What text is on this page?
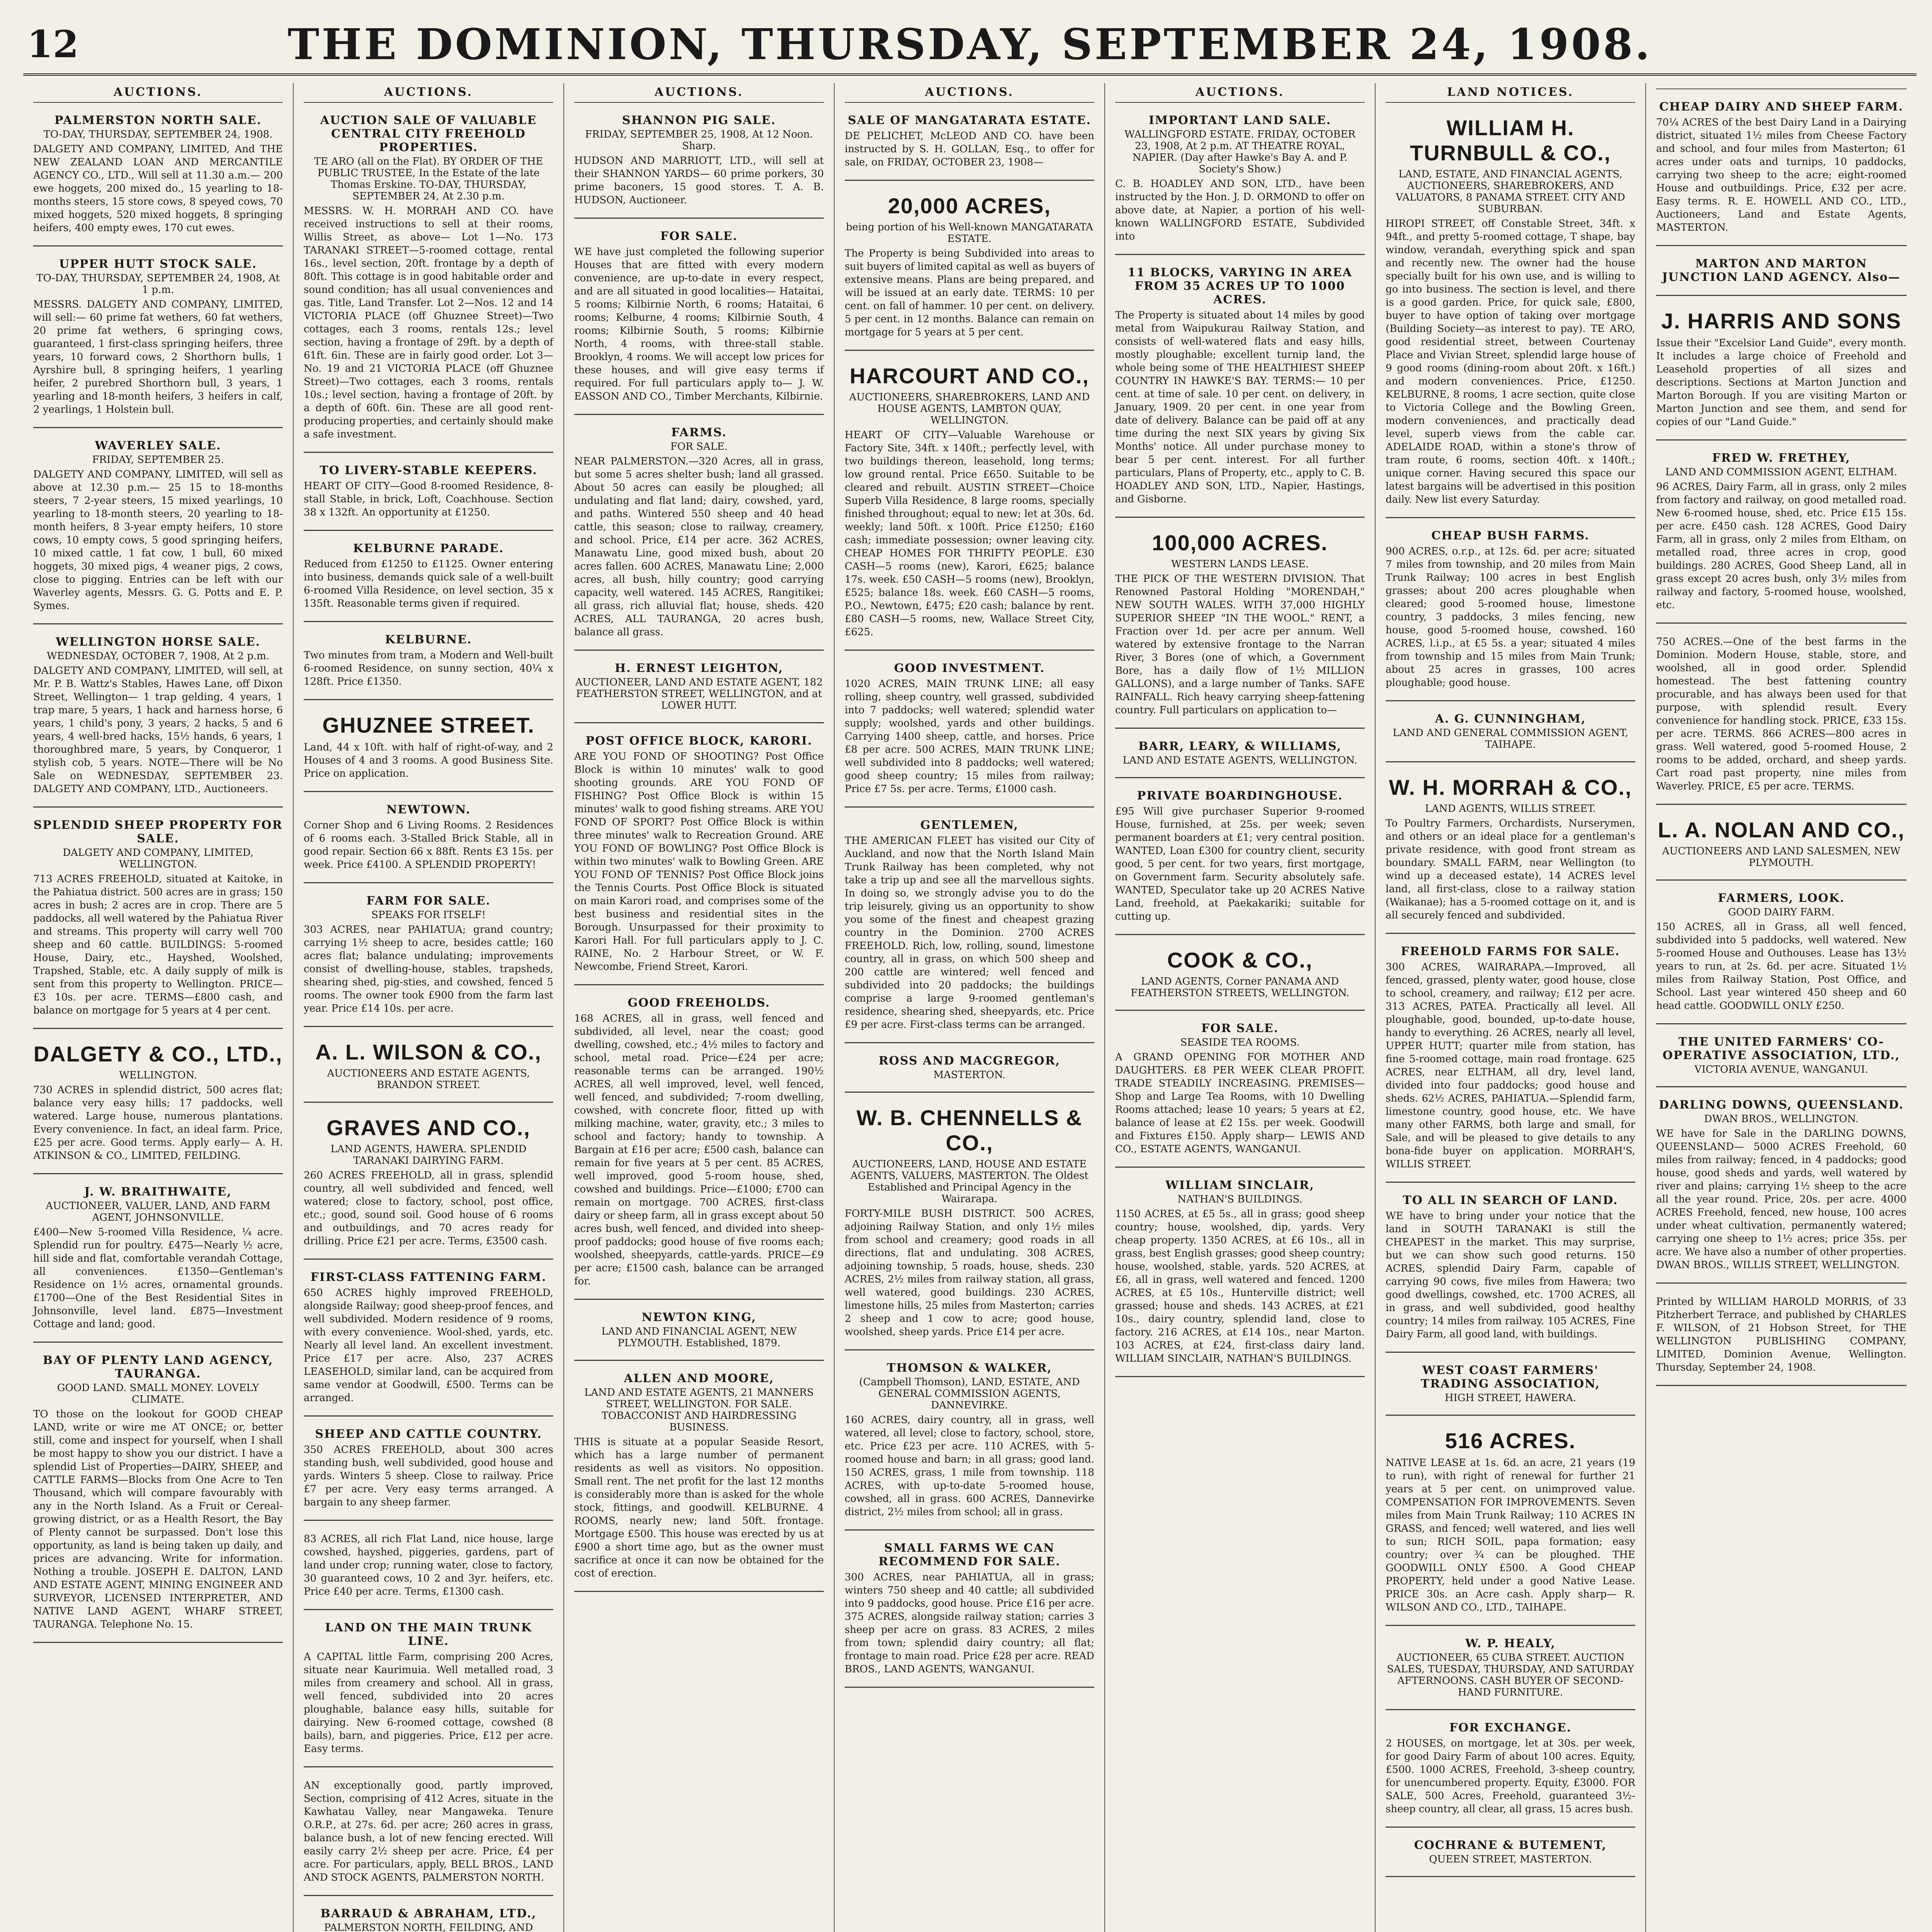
12	THE DOMINION, THURSDAY, SEPTEMBER 24, 1908.
AUCTIONS.
PALMERSTON NORTH SALE.
TO-DAY, THURSDAY, SEPTEMBER 24, 1908.

DALGETY AND COMPANY, LIMITED, And THE NEW ZEALAND LOAN AND MERCANTILE AGENCY CO., LTD., Will sell at 11.30 a.m.— 200 ewe hoggets, 200 mixed do., 15 yearling to 18-months steers, 15 store cows, 8 speyed cows, 70 mixed hoggets, 520 mixed hoggets, 8 springing heifers, 400 empty ewes, 170 cut ewes.

UPPER HUTT STOCK SALE.
TO-DAY, THURSDAY, SEPTEMBER 24, 1908, At 1 p.m.

MESSRS. DALGETY AND COMPANY, LIMITED, will sell:— 60 prime fat wethers, 60 fat wethers, 20 prime fat wethers, 6 springing cows, guaranteed, 1 first-class springing heifers, three years, 10 forward cows, 2 Shorthorn bulls, 1 Ayrshire bull, 8 springing heifers, 1 yearling heifer, 2 purebred Shorthorn bull, 3 years, 1 yearling and 18-month heifers, 3 heifers in calf, 2 yearlings, 1 Holstein bull.

WAVERLEY SALE.
FRIDAY, SEPTEMBER 25.

DALGETY AND COMPANY, LIMITED, will sell as above at 12.30 p.m.— 25 15 to 18-months steers, 7 2-year steers, 15 mixed yearlings, 10 yearling to 18-month steers, 20 yearling to 18-month heifers, 8 3-year empty heifers, 10 store cows, 10 empty cows, 5 good springing heifers, 10 mixed cattle, 1 fat cow, 1 bull, 60 mixed hoggets, 30 mixed pigs, 4 weaner pigs, 2 cows, close to pigging. Entries can be left with our Waverley agents, Messrs. G. G. Potts and E. P. Symes.

WELLINGTON HORSE SALE.
WEDNESDAY, OCTOBER 7, 1908, At 2 p.m.

DALGETY AND COMPANY, LIMITED, will sell, at Mr. P. B. Wattz's Stables, Hawes Lane, off Dixon Street, Wellington— 1 trap gelding, 4 years, 1 trap mare, 5 years, 1 hack and harness horse, 6 years, 1 child's pony, 3 years, 2 hacks, 5 and 6 years, 4 well-bred hacks, 15½ hands, 6 years, 1 thoroughbred mare, 5 years, by Conqueror, 1 stylish cob, 5 years. NOTE—There will be No Sale on WEDNESDAY, SEPTEMBER 23. DALGETY AND COMPANY, LTD., Auctioneers.

SPLENDID SHEEP PROPERTY FOR SALE.
DALGETY AND COMPANY, LIMITED, WELLINGTON.

713 ACRES FREEHOLD, situated at Kaitoke, in the Pahiatua district. 500 acres are in grass; 150 acres in bush; 2 acres are in crop. There are 5 paddocks, all well watered by the Pahiatua River and streams. This property will carry well 700 sheep and 60 cattle. BUILDINGS: 5-roomed House, Dairy, etc., Hayshed, Woolshed, Trapshed, Stable, etc. A daily supply of milk is sent from this property to Wellington. PRICE—£3 10s. per acre. TERMS—£800 cash, and balance on mortgage for 5 years at 4 per cent.

DALGETY & CO., LTD.,
WELLINGTON.

730 ACRES in splendid district, 500 acres flat; balance very easy hills; 17 paddocks, well watered. Large house, numerous plantations. Every convenience. In fact, an ideal farm. Price, £25 per acre. Good terms. Apply early— A. H. ATKINSON & CO., LIMITED, FEILDING.

J. W. BRAITHWAITE,
AUCTIONEER, VALUER, LAND, AND FARM AGENT, JOHNSONVILLE.

£400—New 5-roomed Villa Residence, ¼ acre. Splendid run for poultry. £475—Nearly ½ acre, hill side and flat, comfortable verandah Cottage, all conveniences. £1350—Gentleman's Residence on 1½ acres, ornamental grounds. £1700—One of the Best Residential Sites in Johnsonville, level land. £875—Investment Cottage and land; good.

BAY OF PLENTY LAND AGENCY, TAURANGA.
GOOD LAND. SMALL MONEY. LOVELY CLIMATE.

TO those on the lookout for GOOD CHEAP LAND, write or wire me AT ONCE; or, better still, come and inspect for yourself, when I shall be most happy to show you our district. I have a splendid List of Properties—DAIRY, SHEEP, and CATTLE FARMS—Blocks from One Acre to Ten Thousand, which will compare favourably with any in the North Island. As a Fruit or Cereal-growing district, or as a Health Resort, the Bay of Plenty cannot be surpassed. Don't lose this opportunity, as land is being taken up daily, and prices are advancing. Write for information. Nothing a trouble. JOSEPH E. DALTON, LAND AND ESTATE AGENT, MINING ENGINEER AND SURVEYOR, LICENSED INTERPRETER, AND NATIVE LAND AGENT, WHARF STREET, TAURANGA. Telephone No. 15.

AUCTIONS.
AUCTION SALE OF VALUABLE CENTRAL CITY FREEHOLD PROPERTIES.
TE ARO (all on the Flat). BY ORDER OF THE PUBLIC TRUSTEE, In the Estate of the late Thomas Erskine. TO-DAY, THURSDAY, SEPTEMBER 24, At 2.30 p.m.

MESSRS. W. H. MORRAH AND CO. have received instructions to sell at their rooms, Willis Street, as above— Lot 1—No. 173 TARANAKI STREET—5-roomed cottage, rental 16s., level section, 20ft. frontage by a depth of 80ft. This cottage is in good habitable order and sound condition; has all usual conveniences and gas. Title, Land Transfer. Lot 2—Nos. 12 and 14 VICTORIA PLACE (off Ghuznee Street)—Two cottages, each 3 rooms, rentals 12s.; level section, having a frontage of 29ft. by a depth of 61ft. 6in. These are in fairly good order. Lot 3—No. 19 and 21 VICTORIA PLACE (off Ghuznee Street)—Two cottages, each 3 rooms, rentals 10s.; level section, having a frontage of 20ft. by a depth of 60ft. 6in. These are all good rent-producing properties, and certainly should make a safe investment.

TO LIVERY-STABLE KEEPERS.

HEART OF CITY—Good 8-roomed Residence, 8-stall Stable, in brick, Loft, Coachhouse. Section 38 x 132ft. An opportunity at £1250.

KELBURNE PARADE.

Reduced from £1250 to £1125. Owner entering into business, demands quick sale of a well-built 6-roomed Villa Residence, on level section, 35 x 135ft. Reasonable terms given if required.

KELBURNE.

Two minutes from tram, a Modern and Well-built 6-roomed Residence, on sunny section, 40¼ x 128ft. Price £1350.

GHUZNEE STREET.

Land, 44 x 10ft. with half of right-of-way, and 2 Houses of 4 and 3 rooms. A good Business Site. Price on application.

NEWTOWN.

Corner Shop and 6 Living Rooms. 2 Residences of 6 rooms each. 3-Stalled Brick Stable, all in good repair. Section 66 x 88ft. Rents £3 15s. per week. Price £4100. A SPLENDID PROPERTY!

FARM FOR SALE.
SPEAKS FOR ITSELF!

303 ACRES, near PAHIATUA; grand country; carrying 1½ sheep to acre, besides cattle; 160 acres flat; balance undulating; improvements consist of dwelling-house, stables, trapsheds, shearing shed, pig-sties, and cowshed, fenced 5 rooms. The owner took £900 from the farm last year. Price £14 10s. per acre.

A. L. WILSON & CO.,
AUCTIONEERS AND ESTATE AGENTS, BRANDON STREET.

GRAVES AND CO.,
LAND AGENTS, HAWERA. SPLENDID TARANAKI DAIRYING FARM.

260 ACRES FREEHOLD, all in grass, splendid country, all well subdivided and fenced, well watered; close to factory, school, post office, etc.; good, sound soil. Good house of 6 rooms and outbuildings, and 70 acres ready for drilling. Price £21 per acre. Terms, £3500 cash.

FIRST-CLASS FATTENING FARM.

650 ACRES highly improved FREEHOLD, alongside Railway; good sheep-proof fences, and well subdivided. Modern residence of 9 rooms, with every convenience. Wool-shed, yards, etc. Nearly all level land. An excellent investment. Price £17 per acre. Also, 237 ACRES LEASEHOLD, similar land, can be acquired from same vendor at Goodwill, £500. Terms can be arranged.

SHEEP AND CATTLE COUNTRY.

350 ACRES FREEHOLD, about 300 acres standing bush, well subdivided, good house and yards. Winters 5 sheep. Close to railway. Price £7 per acre. Very easy terms arranged. A bargain to any sheep farmer.

83 ACRES, all rich Flat Land, nice house, large cowshed, hayshed, piggeries, gardens, part of land under crop; running water, close to factory, 30 guaranteed cows, 10 2 and 3yr. heifers, etc. Price £40 per acre. Terms, £1300 cash.

LAND ON THE MAIN TRUNK LINE.

A CAPITAL little Farm, comprising 200 Acres, situate near Kaurimuia. Well metalled road, 3 miles from creamery and school. All in grass, well fenced, subdivided into 20 acres ploughable, balance easy hills, suitable for dairying. New 6-roomed cottage, cowshed (8 bails), barn, and piggeries. Price, £12 per acre. Easy terms.

AN exceptionally good, partly improved, Section, comprising of 412 Acres, situate in the Kawhatau Valley, near Mangaweka. Tenure O.R.P., at 27s. 6d. per acre; 260 acres in grass, balance bush, a lot of new fencing erected. Will easily carry 2½ sheep per acre. Price, £4 per acre. For particulars, apply, BELL BROS., LAND AND STOCK AGENTS, PALMERSTON NORTH.

BARRAUD & ABRAHAM, LTD.,
PALMERSTON NORTH, FEILDING, AND

AUCTIONS.
SHANNON PIG SALE.
FRIDAY, SEPTEMBER 25, 1908, At 12 Noon. Sharp.

HUDSON AND MARRIOTT, LTD., will sell at their SHANNON YARDS— 60 prime porkers, 30 prime baconers, 15 good stores. T. A. B. HUDSON, Auctioneer.

FOR SALE.

WE have just completed the following superior Houses that are fitted with every modern convenience, are up-to-date in every respect, and are all situated in good localities— Hataitai, 5 rooms; Kilbirnie North, 6 rooms; Hataitai, 6 rooms; Kelburne, 4 rooms; Kilbirnie South, 4 rooms; Kilbirnie South, 5 rooms; Kilbirnie North, 4 rooms, with three-stall stable. Brooklyn, 4 rooms. We will accept low prices for these houses, and will give easy terms if required. For full particulars apply to— J. W. EASSON AND CO., Timber Merchants, Kilbirnie.

FARMS.
FOR SALE.

NEAR PALMERSTON.—320 Acres, all in grass, but some 5 acres shelter bush; land all grassed. About 50 acres can easily be ploughed; all undulating and flat land; dairy, cowshed, yard, and paths. Wintered 550 sheep and 40 head cattle, this season; close to railway, creamery, and school. Price, £14 per acre. 362 ACRES, Manawatu Line, good mixed bush, about 20 acres fallen. 600 ACRES, Manawatu Line; 2,000 acres, all bush, hilly country; good carrying capacity, well watered. 145 ACRES, Rangitikei; all grass, rich alluvial flat; house, sheds. 420 ACRES, ALL TAURANGA, 20 acres bush, balance all grass.

H. ERNEST LEIGHTON,
AUCTIONEER, LAND AND ESTATE AGENT, 182 FEATHERSTON STREET, WELLINGTON, and at LOWER HUTT.

POST OFFICE BLOCK, KARORI.

ARE YOU FOND OF SHOOTING? Post Office Block is within 10 minutes' walk to good shooting grounds. ARE YOU FOND OF FISHING? Post Office Block is within 15 minutes' walk to good fishing streams. ARE YOU FOND OF SPORT? Post Office Block is within three minutes' walk to Recreation Ground. ARE YOU FOND OF BOWLING? Post Office Block is within two minutes' walk to Bowling Green. ARE YOU FOND OF TENNIS? Post Office Block joins the Tennis Courts. Post Office Block is situated on main Karori road, and comprises some of the best business and residential sites in the Borough. Unsurpassed for their proximity to Karori Hall. For full particulars apply to J. C. RAINE, No. 2 Harbour Street, or W. F. Newcombe, Friend Street, Karori.

GOOD FREEHOLDS.

168 ACRES, all in grass, well fenced and subdivided, all level, near the coast; good dwelling, cowshed, etc.; 4½ miles to factory and school, metal road. Price—£24 per acre; reasonable terms can be arranged. 190½ ACRES, all well improved, level, well fenced, well fenced, and subdivided; 7-room dwelling, cowshed, with concrete floor, fitted up with milking machine, water, gravity, etc.; 3 miles to school and factory; handy to township. A Bargain at £16 per acre; £500 cash, balance can remain for five years at 5 per cent. 85 ACRES, well improved, good 5-room house, shed, cowshed and buildings. Price—£1000; £700 can remain on mortgage. 700 ACRES, first-class dairy or sheep farm, all in grass except about 50 acres bush, well fenced, and divided into sheep-proof paddocks; good house of five rooms each; woolshed, sheepyards, cattle-yards. PRICE—£9 per acre; £1500 cash, balance can be arranged for.

NEWTON KING,
LAND AND FINANCIAL AGENT, NEW PLYMOUTH. Established, 1879.

ALLEN AND MOORE,
LAND AND ESTATE AGENTS, 21 MANNERS STREET, WELLINGTON. FOR SALE. TOBACCONIST AND HAIRDRESSING BUSINESS.

THIS is situate at a popular Seaside Resort, which has a large number of permanent residents as well as visitors. No opposition. Small rent. The net profit for the last 12 months is considerably more than is asked for the whole stock, fittings, and goodwill. KELBURNE. 4 ROOMS, nearly new; land 50ft. frontage. Mortgage £500. This house was erected by us at £900 a short time ago, but as the owner must sacrifice at once it can now be obtained for the cost of erection.

AUCTIONS.
SALE OF MANGATARATA ESTATE.

DE PELICHET, McLEOD AND CO. have been instructed by S. H. GOLLAN, Esq., to offer for sale, on FRIDAY, OCTOBER 23, 1908—

20,000 ACRES,
being portion of his Well-known MANGATARATA ESTATE.

The Property is being Subdivided into areas to suit buyers of limited capital as well as buyers of extensive means. Plans are being prepared, and will be issued at an early date. TERMS: 10 per cent. on fall of hammer. 10 per cent. on delivery. 5 per cent. in 12 months. Balance can remain on mortgage for 5 years at 5 per cent.

HARCOURT AND CO.,
AUCTIONEERS, SHAREBROKERS, LAND AND HOUSE AGENTS, LAMBTON QUAY, WELLINGTON.

HEART OF CITY—Valuable Warehouse or Factory Site, 34ft. x 140ft.; perfectly level, with two buildings thereon, leasehold, long terms; low ground rental. Price £650. Suitable to be cleared and rebuilt. AUSTIN STREET—Choice Superb Villa Residence, 8 large rooms, specially finished throughout; equal to new; let at 30s. 6d. weekly; land 50ft. x 100ft. Price £1250; £160 cash; immediate possession; owner leaving city. CHEAP HOMES FOR THRIFTY PEOPLE. £30 CASH—5 rooms (new), Karori, £625; balance 17s. week. £50 CASH—5 rooms (new), Brooklyn, £525; balance 18s. week. £60 CASH—5 rooms, P.O., Newtown, £475; £20 cash; balance by rent. £80 CASH—5 rooms, new, Wallace Street City, £625.

GOOD INVESTMENT.

1020 ACRES, MAIN TRUNK LINE; all easy rolling, sheep country, well grassed, subdivided into 7 paddocks; well watered; splendid water supply; woolshed, yards and other buildings. Carrying 1400 sheep, cattle, and horses. Price £8 per acre. 500 ACRES, MAIN TRUNK LINE; well subdivided into 8 paddocks; well watered; good sheep country; 15 miles from railway; Price £7 5s. per acre. Terms, £1000 cash.

GENTLEMEN,

THE AMERICAN FLEET has visited our City of Auckland, and now that the North Island Main Trunk Railway has been completed, why not take a trip up and see all the marvellous sights. In doing so, we strongly advise you to do the trip leisurely, giving us an opportunity to show you some of the finest and cheapest grazing country in the Dominion. 2700 ACRES FREEHOLD. Rich, low, rolling, sound, limestone country, all in grass, on which 500 sheep and 200 cattle are wintered; well fenced and subdivided into 20 paddocks; the buildings comprise a large 9-roomed gentleman's residence, shearing shed, sheepyards, etc. Price £9 per acre. First-class terms can be arranged.

ROSS AND MACGREGOR,
MASTERTON.

W. B. CHENNELLS & CO.,
AUCTIONEERS, LAND, HOUSE AND ESTATE AGENTS, VALUERS, MASTERTON. The Oldest Established and Principal Agency in the Wairarapa.

FORTY-MILE BUSH DISTRICT. 500 ACRES, adjoining Railway Station, and only 1½ miles from school and creamery; good roads in all directions, flat and undulating. 308 ACRES, adjoining township, 5 roads, house, sheds. 230 ACRES, 2½ miles from railway station, all grass, well watered, good buildings. 230 ACRES, limestone hills, 25 miles from Masterton; carries 2 sheep and 1 cow to acre; good house, woolshed, sheep yards. Price £14 per acre.

THOMSON & WALKER,
(Campbell Thomson), LAND, ESTATE, AND GENERAL COMMISSION AGENTS, DANNEVIRKE.

160 ACRES, dairy country, all in grass, well watered, all level; close to factory, school, store, etc. Price £23 per acre. 110 ACRES, with 5-roomed house and barn; in all grass; good land. 150 ACRES, grass, 1 mile from township. 118 ACRES, with up-to-date 5-roomed house, cowshed, all in grass. 600 ACRES, Dannevirke district, 2½ miles from school; all in grass.

SMALL FARMS WE CAN RECOMMEND FOR SALE.

300 ACRES, near PAHIATUA, all in grass; winters 750 sheep and 40 cattle; all subdivided into 9 paddocks, good house. Price £16 per acre. 375 ACRES, alongside railway station; carries 3 sheep per acre on grass. 83 ACRES, 2 miles from town; splendid dairy country; all flat; frontage to main road. Price £28 per acre. READ BROS., LAND AGENTS, WANGANUI.

AUCTIONS.
IMPORTANT LAND SALE.
WALLINGFORD ESTATE. FRIDAY, OCTOBER 23, 1908, At 2 p.m. AT THEATRE ROYAL, NAPIER. (Day after Hawke's Bay A. and P. Society's Show.)

C. B. HOADLEY AND SON, LTD., have been instructed by the Hon. J. D. ORMOND to offer on above date, at Napier, a portion of his well-known WALLINGFORD ESTATE, Subdivided into

11 BLOCKS, VARYING IN AREA FROM 35 ACRES UP TO 1000 ACRES.

The Property is situated about 14 miles by good metal from Waipukurau Railway Station, and consists of well-watered flats and easy hills, mostly ploughable; excellent turnip land, the whole being some of THE HEALTHIEST SHEEP COUNTRY IN HAWKE'S BAY. TERMS:— 10 per cent. at time of sale. 10 per cent. on delivery, in January, 1909. 20 per cent. in one year from date of delivery. Balance can be paid off at any time during the next SIX years by giving Six Months' notice. All under purchase money to bear 5 per cent. interest. For all further particulars, Plans of Property, etc., apply to C. B. HOADLEY AND SON, LTD., Napier, Hastings, and Gisborne.

100,000 ACRES.
WESTERN LANDS LEASE.

THE PICK OF THE WESTERN DIVISION. That Renowned Pastoral Holding "MORENDAH," NEW SOUTH WALES. WITH 37,000 HIGHLY SUPERIOR SHEEP "IN THE WOOL." RENT, a Fraction over 1d. per acre per annum. Well watered by extensive frontage to the Narran River, 3 Bores (one of which, a Government Bore, has a daily flow of 1½ MILLION GALLONS), and a large number of Tanks. SAFE RAINFALL. Rich heavy carrying sheep-fattening country. Full particulars on application to—

BARR, LEARY, & WILLIAMS,
LAND AND ESTATE AGENTS, WELLINGTON.

PRIVATE BOARDINGHOUSE.

£95 Will give purchaser Superior 9-roomed House, furnished, at 25s. per week; seven permanent boarders at £1; very central position. WANTED, Loan £300 for country client, security good, 5 per cent. for two years, first mortgage, on Government farm. Security absolutely safe. WANTED, Speculator take up 20 ACRES Native Land, freehold, at Paekakariki; suitable for cutting up.

COOK & CO.,
LAND AGENTS, Corner PANAMA AND FEATHERSTON STREETS, WELLINGTON.

FOR SALE.
SEASIDE TEA ROOMS.

A GRAND OPENING FOR MOTHER AND DAUGHTERS. £8 PER WEEK CLEAR PROFIT. TRADE STEADILY INCREASING. PREMISES—Shop and Large Tea Rooms, with 10 Dwelling Rooms attached; lease 10 years; 5 years at £2, balance of lease at £2 15s. per week. Goodwill and Fixtures £150. Apply sharp— LEWIS AND CO., ESTATE AGENTS, WANGANUI.

WILLIAM SINCLAIR,
NATHAN'S BUILDINGS.

1150 ACRES, at £5 5s., all in grass; good sheep country; house, woolshed, dip, yards. Very cheap property. 1350 ACRES, at £6 10s., all in grass, best English grasses; good sheep country; house, woolshed, stable, yards. 520 ACRES, at £6, all in grass, well watered and fenced. 1200 ACRES, at £5 10s., Hunterville district; well grassed; house and sheds. 143 ACRES, at £21 10s., dairy country, splendid land, close to factory. 216 ACRES, at £14 10s., near Marton. 103 ACRES, at £24, first-class dairy land. WILLIAM SINCLAIR, NATHAN'S BUILDINGS.

LAND NOTICES.
WILLIAM H. TURNBULL & CO.,
LAND, ESTATE, AND FINANCIAL AGENTS, AUCTIONEERS, SHAREBROKERS, AND VALUATORS, 8 PANAMA STREET. CITY AND SUBURBAN.

HIROPI STREET, off Constable Street, 34ft. x 94ft., and pretty 5-roomed cottage, T shape, bay window, verandah, everything spick and span and recently new. The owner had the house specially built for his own use, and is willing to go into business. The section is level, and there is a good garden. Price, for quick sale, £800, buyer to have option of taking over mortgage (Building Society—as interest to pay). TE ARO, good residential street, between Courtenay Place and Vivian Street, splendid large house of 9 good rooms (dining-room about 20ft. x 16ft.) and modern conveniences. Price, £1250. KELBURNE, 8 rooms, 1 acre section, quite close to Victoria College and the Bowling Green, modern conveniences, and practically dead level, superb views from the cable car. ADELAIDE ROAD, within a stone's throw of tram route, 6 rooms, section 40ft. x 140ft.; unique corner. Having secured this space our latest bargains will be advertised in this position daily. New list every Saturday.

CHEAP BUSH FARMS.

900 ACRES, o.r.p., at 12s. 6d. per acre; situated 7 miles from township, and 20 miles from Main Trunk Railway; 100 acres in best English grasses; about 200 acres ploughable when cleared; good 5-roomed house, limestone country, 3 paddocks, 3 miles fencing, new house, good 5-roomed house, cowshed. 160 ACRES, l.i.p., at £5 5s. a year; situated 4 miles from township and 15 miles from Main Trunk; about 25 acres in grasses, 100 acres ploughable; good house.

A. G. CUNNINGHAM,
LAND AND GENERAL COMMISSION AGENT, TAIHAPE.

W. H. MORRAH & CO.,
LAND AGENTS, WILLIS STREET.

To Poultry Farmers, Orchardists, Nurserymen, and others or an ideal place for a gentleman's private residence, with good front stream as boundary. SMALL FARM, near Wellington (to wind up a deceased estate), 14 ACRES level land, all first-class, close to a railway station (Waikanae); has a 5-roomed cottage on it, and is all securely fenced and subdivided.

FREEHOLD FARMS FOR SALE.

300 ACRES, WAIRARAPA.—Improved, all fenced, grassed, plenty water, good house, close to school, creamery, and railway; £12 per acre. 313 ACRES, PATEA. Practically all level. All ploughable, good, bounded, up-to-date house, handy to everything. 26 ACRES, nearly all level, UPPER HUTT; quarter mile from station, has fine 5-roomed cottage, main road frontage. 625 ACRES, near ELTHAM, all dry, level land, divided into four paddocks; good house and sheds. 62½ ACRES, PAHIATUA.—Splendid farm, limestone country, good house, etc. We have many other FARMS, both large and small, for Sale, and will be pleased to give details to any bona-fide buyer on application. MORRAH'S, WILLIS STREET.

TO ALL IN SEARCH OF LAND.

WE have to bring under your notice that the land in SOUTH TARANAKI is still the CHEAPEST in the market. This may surprise, but we can show such good returns. 150 ACRES, splendid Dairy Farm, capable of carrying 90 cows, five miles from Hawera; two good dwellings, cowshed, etc. 1700 ACRES, all in grass, and well subdivided, good healthy country; 14 miles from railway. 105 ACRES, Fine Dairy Farm, all good land, with buildings.

WEST COAST FARMERS' TRADING ASSOCIATION,
HIGH STREET, HAWERA.

516 ACRES.

NATIVE LEASE at 1s. 6d. an acre, 21 years (19 to run), with right of renewal for further 21 years at 5 per cent. on unimproved value. COMPENSATION FOR IMPROVEMENTS. Seven miles from Main Trunk Railway; 110 ACRES IN GRASS, and fenced; well watered, and lies well to sun; RICH SOIL, papa formation; easy country; over ¾ can be ploughed. THE GOODWILL ONLY £500. A Good CHEAP PROPERTY, held under a good Native Lease. PRICE 30s. an Acre cash. Apply sharp— R. WILSON AND CO., LTD., TAIHAPE.

W. P. HEALY,
AUCTIONEER, 65 CUBA STREET. AUCTION SALES, TUESDAY, THURSDAY, AND SATURDAY AFTERNOONS. CASH BUYER OF SECOND-HAND FURNITURE.

FOR EXCHANGE.

2 HOUSES, on mortgage, let at 30s. per week, for good Dairy Farm of about 100 acres. Equity, £500. 1000 ACRES, Freehold, 3-sheep country, for unencumbered property. Equity, £3000. FOR SALE, 500 Acres, Freehold, guaranteed 3½-sheep country, all clear, all grass, 15 acres bush.

COCHRANE & BUTEMENT,
QUEEN STREET, MASTERTON.

CHEAP DAIRY AND SHEEP FARM.

70¼ ACRES of the best Dairy Land in a Dairying district, situated 1½ miles from Cheese Factory and school, and four miles from Masterton; 61 acres under oats and turnips, 10 paddocks, carrying two sheep to the acre; eight-roomed House and outbuildings. Price, £32 per acre. Easy terms. R. E. HOWELL AND CO., LTD., Auctioneers, Land and Estate Agents, MASTERTON.

MARTON AND MARTON JUNCTION LAND AGENCY. Also—

J. HARRIS AND SONS

Issue their "Excelsior Land Guide", every month. It includes a large choice of Freehold and Leasehold properties of all sizes and descriptions. Sections at Marton Junction and Marton Borough. If you are visiting Marton or Marton Junction and see them, and send for copies of our "Land Guide."

FRED W. FRETHEY,
LAND AND COMMISSION AGENT, ELTHAM.

96 ACRES, Dairy Farm, all in grass, only 2 miles from factory and railway, on good metalled road. New 6-roomed house, shed, etc. Price £15 15s. per acre. £450 cash. 128 ACRES, Good Dairy Farm, all in grass, only 2 miles from Eltham, on metalled road, three acres in crop, good buildings. 280 ACRES, Good Sheep Land, all in grass except 20 acres bush, only 3½ miles from railway and factory, 5-roomed house, woolshed, etc.

750 ACRES.—One of the best farms in the Dominion. Modern House, stable, store, and woolshed, all in good order. Splendid homestead. The best fattening country procurable, and has always been used for that purpose, with splendid result. Every convenience for handling stock. PRICE, £33 15s. per acre. TERMS. 866 ACRES—800 acres in grass. Well watered, good 5-roomed House, 2 rooms to be added, orchard, and sheep yards. Cart road past property, nine miles from Waverley. PRICE, £5 per acre. TERMS.

L. A. NOLAN AND CO.,
AUCTIONEERS AND LAND SALESMEN, NEW PLYMOUTH.

FARMERS, LOOK.
GOOD DAIRY FARM.

150 ACRES, all in Grass, all well fenced, subdivided into 5 paddocks, well watered. New 5-roomed House and Outhouses. Lease has 13½ years to run, at 2s. 6d. per acre. Situated 1½ miles from Railway Station, Post Office, and School. Last year wintered 450 sheep and 60 head cattle. GOODWILL ONLY £250.

THE UNITED FARMERS' CO-OPERATIVE ASSOCIATION, LTD.,
VICTORIA AVENUE, WANGANUI.

DARLING DOWNS, QUEENSLAND.
DWAN BROS., WELLINGTON.

WE have for Sale in the DARLING DOWNS, QUEENSLAND— 5000 ACRES Freehold, 60 miles from railway; fenced, in 4 paddocks; good house, good sheds and yards, well watered by river and plains; carrying 1½ sheep to the acre all the year round. Price, 20s. per acre. 4000 ACRES Freehold, fenced, new house, 100 acres under wheat cultivation, permanently watered; carrying one sheep to 1½ acres; price 35s. per acre. We have also a number of other properties. DWAN BROS., WILLIS STREET, WELLINGTON.

Printed by WILLIAM HAROLD MORRIS, of 33 Pitzherbert Terrace, and published by CHARLES F. WILSON, of 21 Hobson Street, for THE WELLINGTON PUBLISHING COMPANY, LIMITED, Dominion Avenue, Wellington. Thursday, September 24, 1908.
